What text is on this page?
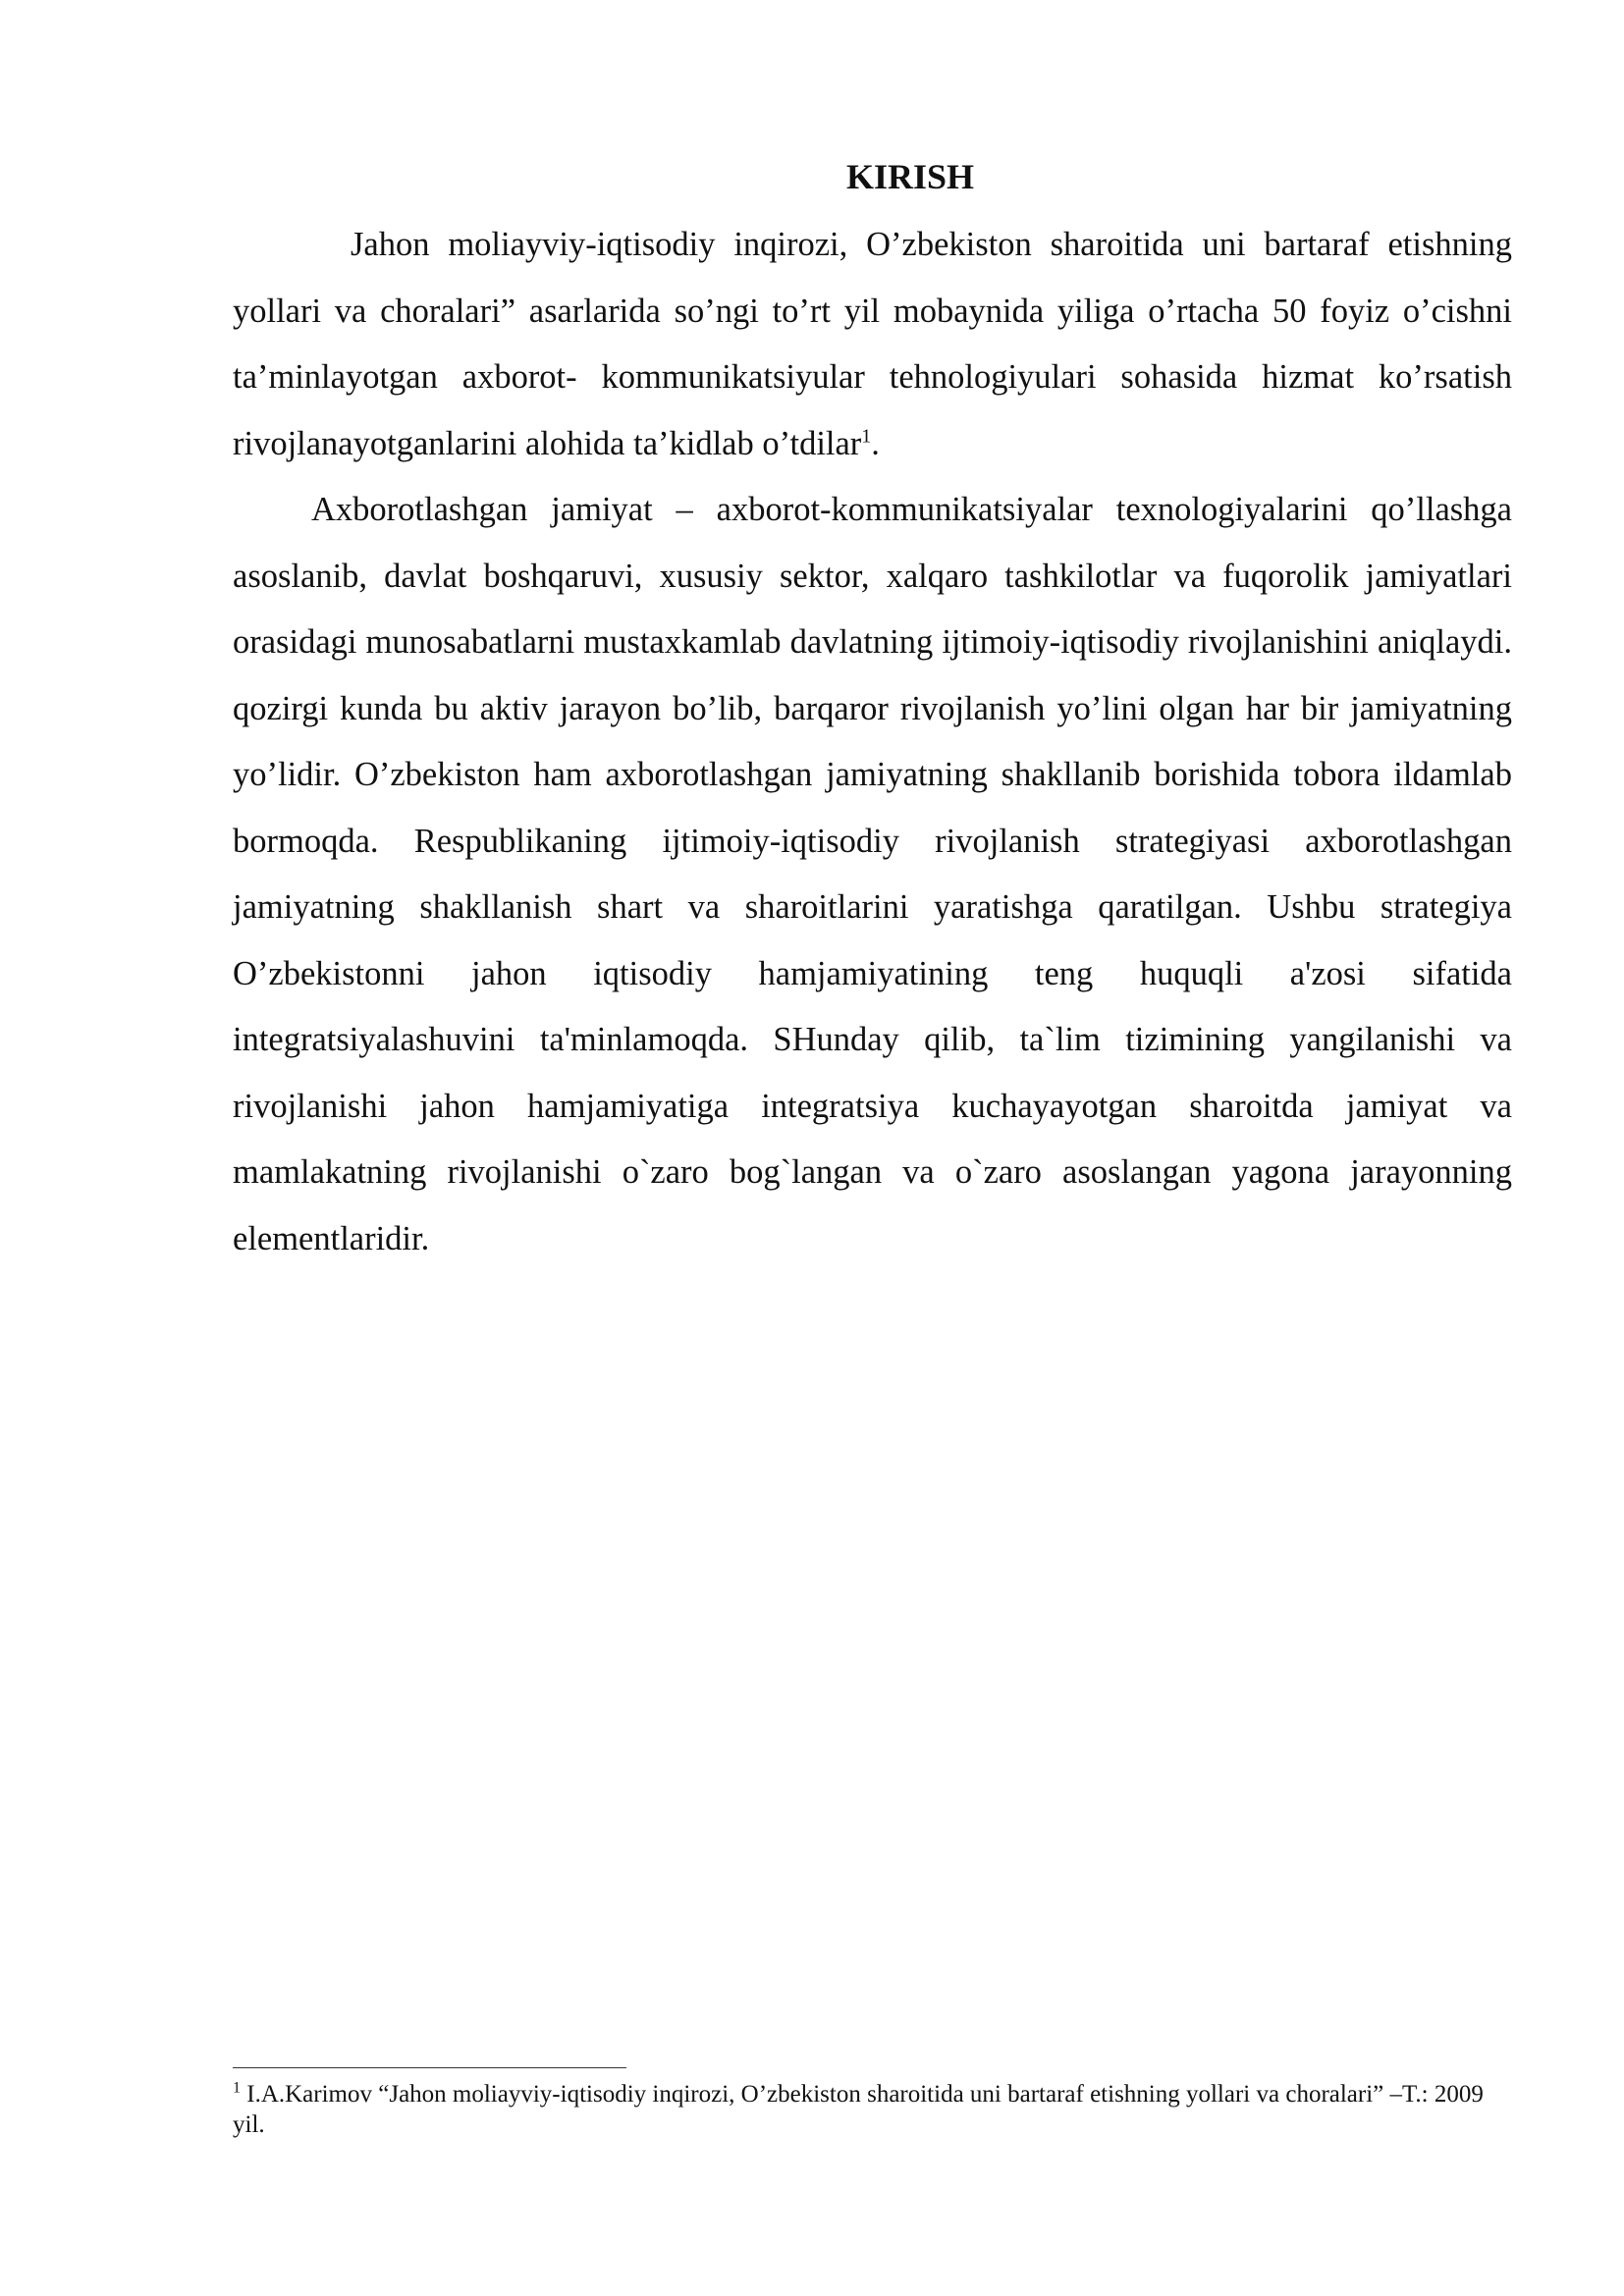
KIRISH

Jahon moliayviy-iqtisodiy inqirozi, O’zbekiston sharoitida uni bartaraf etishning yollari va choralari” asarlarida so’ngi to’rt yil mobaynida yiliga o’rtacha 50 foyiz o’cishni ta’minlayotgan axborot- kommunikatsiyular tehnologiyulari sohasida hizmat ko’rsatish rivojlanayotganlarini alohida ta’kidlab o’tdilar$^1$.

Axborotlashgan jamiyat – axborot-kommunikatsiyalar texnologiyalarini qo’llashga asoslanib, davlat boshqaruvi, xususiy sektor, xalqaro tashkilotlar va fuqorolik jamiyatlari orasidagi munosabatlarni mustaxkamlab davlatning ijtimoiy-iqtisodiy rivojlanishini aniqlaydi. qozirgi kunda bu aktiv jarayon bo’lib, barqaror rivojlanish yo’lini olgan har bir jamiyatning yo’lidir. O’zbekiston ham axborotlashgan jamiyatning shakllanib borishida tobora ildamlab bormoqda. Respublikaning ijtimoiy-iqtisodiy rivojlanish strategiyasi axborotlashgan jamiyatning shakllanish shart va sharoitlarini yaratishga qaratilgan. Ushbu strategiya O’zbekistonni jahon iqtisodiy hamjamiyatining teng huquqli a'zosi sifatida integratsiyalashuvini ta'minlamoqda. SHunday qilib, ta`lim tizimining yangilanishi va rivojlanishi jahon hamjamiyatiga integratsiya kuchayayotgan sharoitda jamiyat va mamlakatning rivojlanishi o`zaro bog`langan va o`zaro asoslangan yagona jarayonning elementlaridir.

$^1$ I.A.Karimov “Jahon moliayviy-iqtisodiy inqirozi, O’zbekiston sharoitida uni bartaraf etishning yollari va choralari” –T.: 2009 yil.
